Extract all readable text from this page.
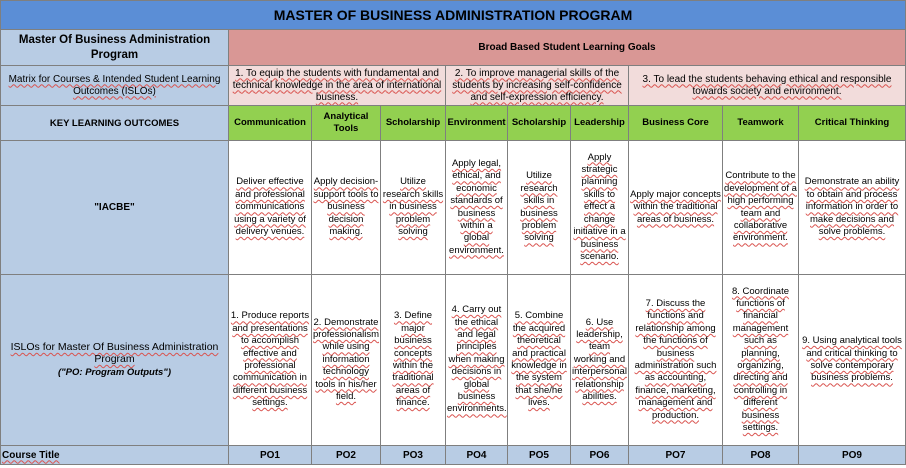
MASTER OF BUSINESS ADMINISTRATION PROGRAM									
Master Of Business Administration Program	Broad Based Student Learning Goals								
Matrix for Courses & Intended Student Learning Outcomes (ISLOs)	1. To equip the students with fundamental and technical knowledge in the area of international business.			2. To improve managerial skills of the students by increasing self-confidence and self-expression efficiency.			3. To lead the students behaving ethical and responsible towards society and environment.		
KEY LEARNING OUTCOMES	Communication	Analytical Tools	Scholarship	Environment	Scholarship	Leadership	Business Core	Teamwork	Critical Thinking
"IACBE"	Deliver effective and professional communications using a variety of delivery venues.	Apply decision-support tools to business decision making.	Utilize research skills in business problem solving	Apply legal, ethical, and economic standards of business within a global environment.	Utilize research skills in business problem solving	Apply strategic planning skills to effect a change initiative in a business scenario.	Apply major concepts within the traditional areas of business.	Contribute to the development of a high performing team and collaborative environment.	Demonstrate an ability to obtain and process information in order to make decisions and solve problems.
ISLOs for Master Of Business Administration Program
("PO: Program Outputs")	1. Produce reports and presentations to accomplish effective and professional communication in different business settings.	2. Demonstrate professionalism while using information technology tools in his/her field.	3. Define major business concepts within the traditional areas of finance.	4. Carry out the ethical and legal principles when making decisions in global business environments.	5. Combine the acquired theoretical and practical knowledge in the system that she/he lives.	6. Use leadership, team working and interpersonal relationship abilities.	7. Discuss the functions and relationship among the functions of business administration such as accounting, finance, marketing, management and production.	8. Coordinate functions of financial management such as planning, organizing, directing and controlling in different business settings.	9. Using analytical tools and critical thinking to solve contemporary business problems.
Course Title	PO1	PO2	PO3	PO4	PO5	PO6	PO7	PO8	PO9
